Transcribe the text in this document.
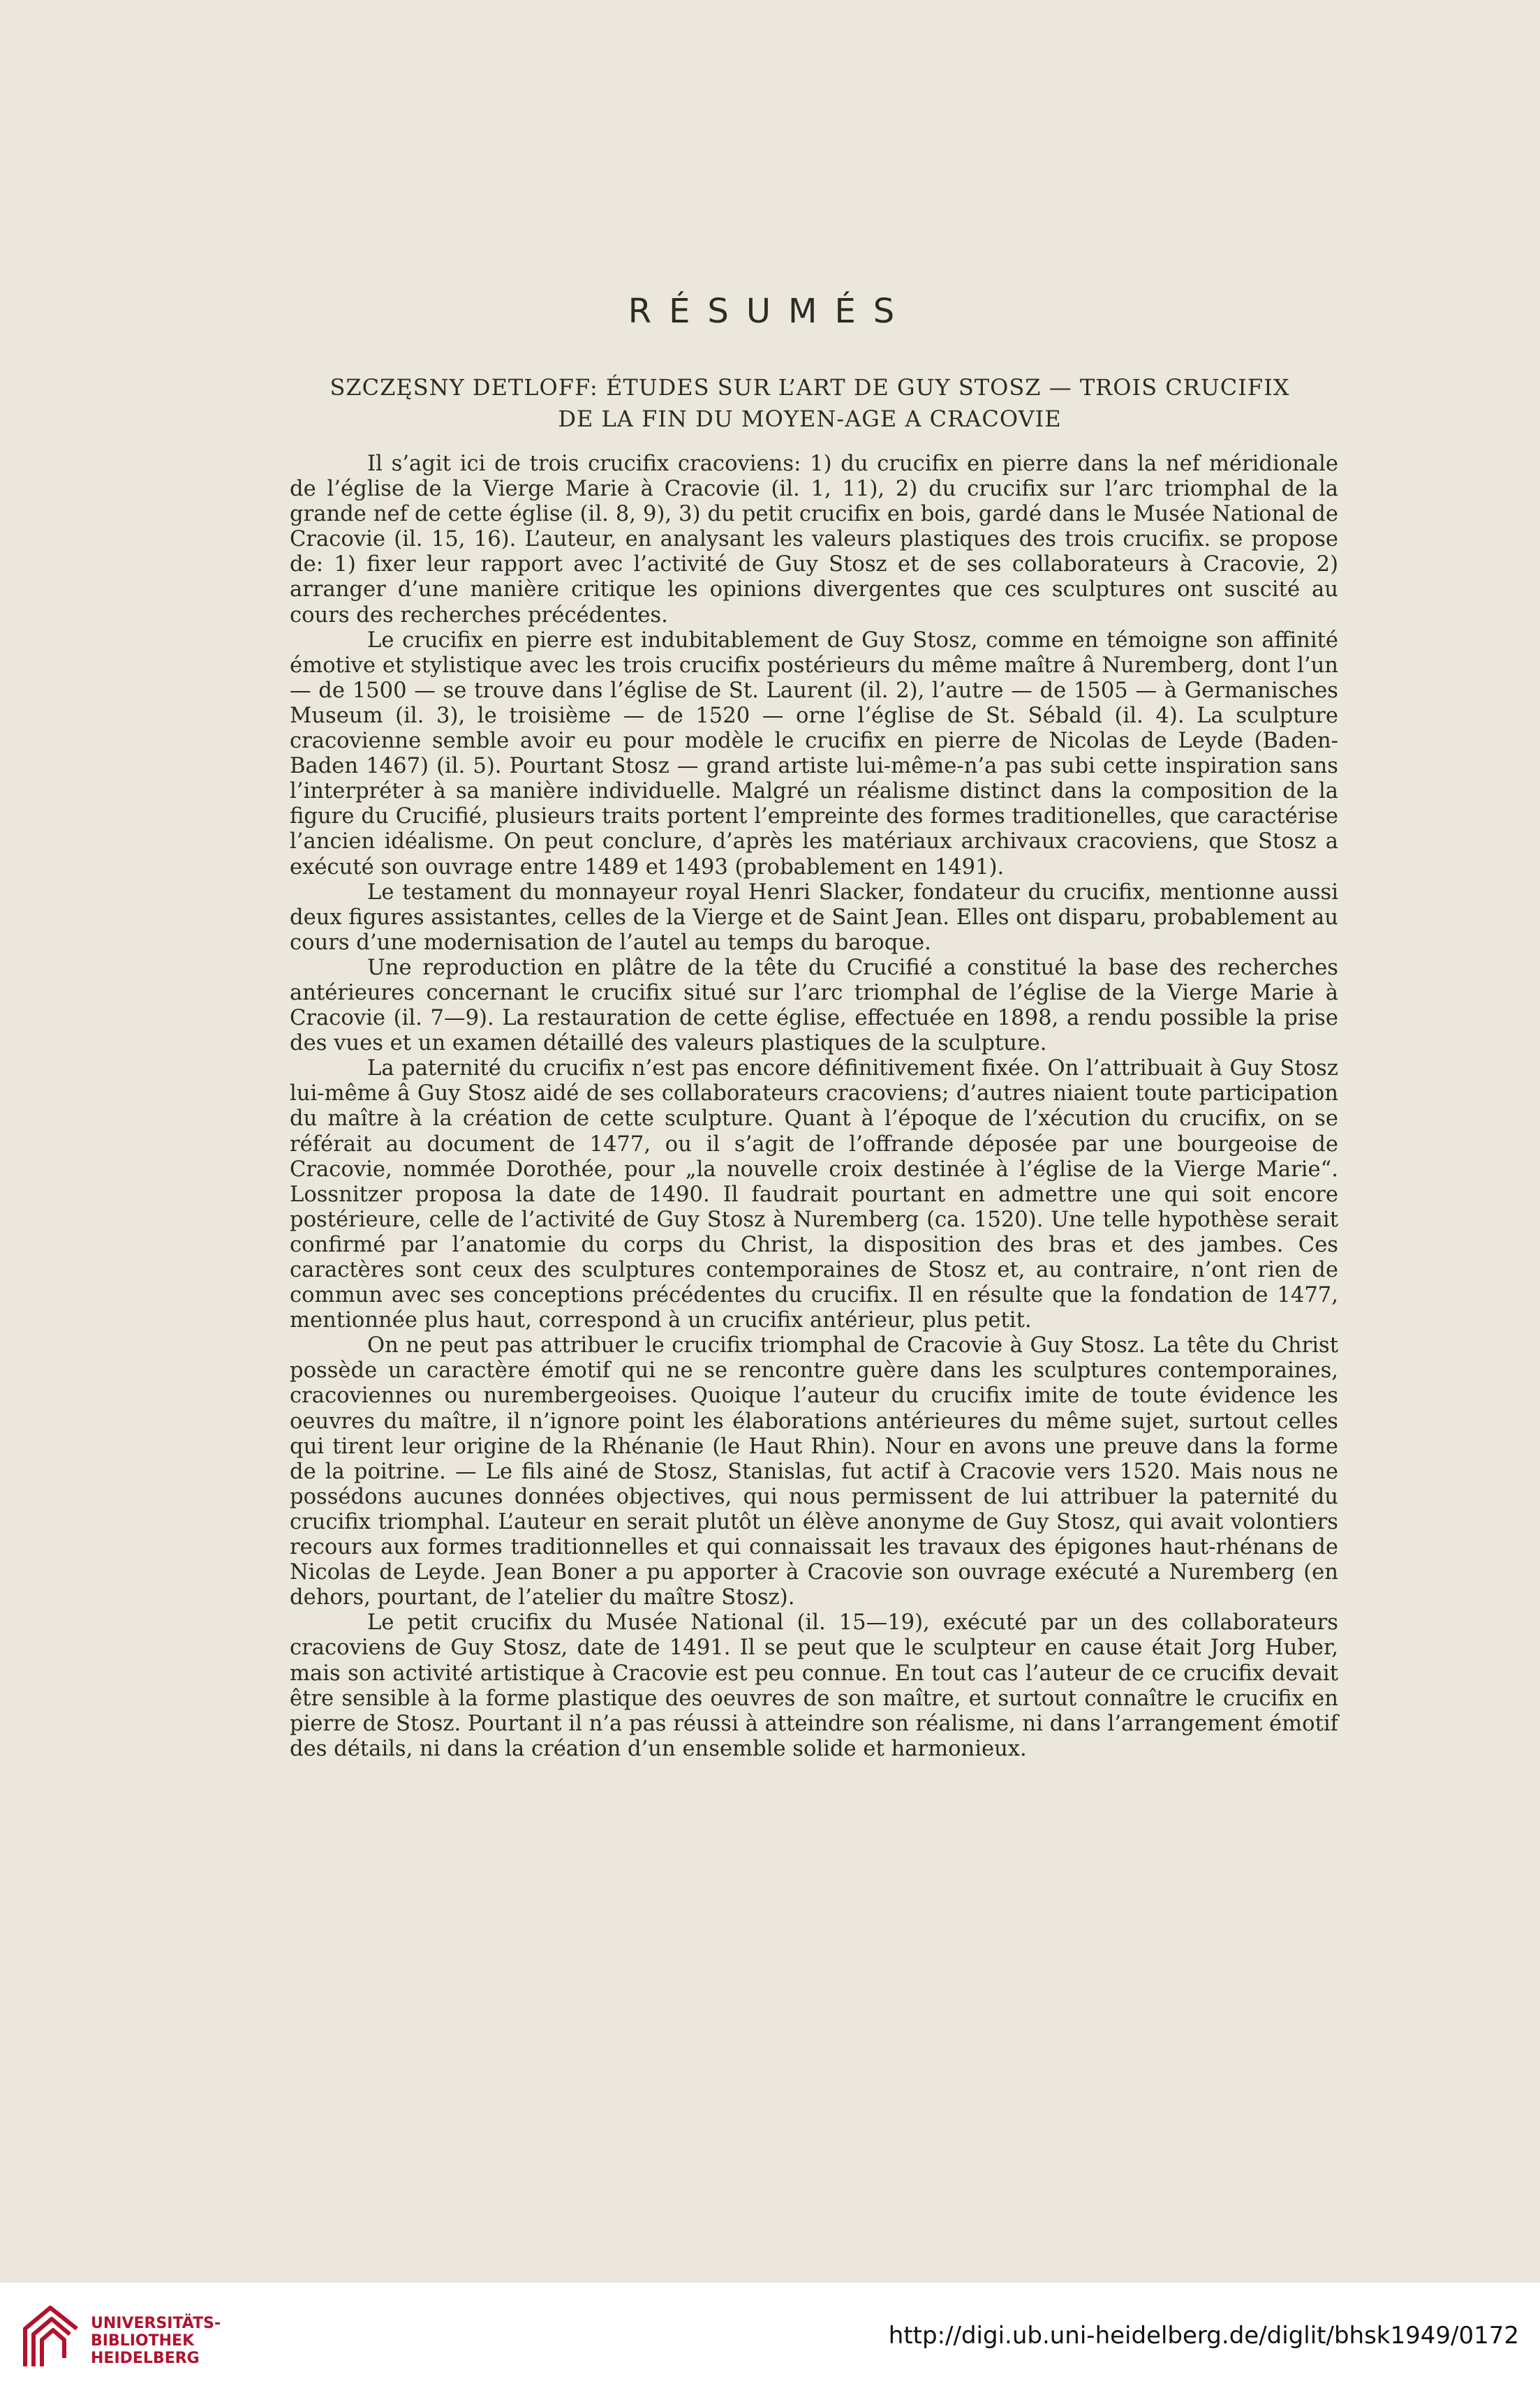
RÉSUMÉS
SZCZĘSNY DETLOFF: ÉTUDES SUR L’ART DE GUY STOSZ — TROIS CRUCIFIX
DE LA FIN DU MOYEN-AGE A CRACOVIE

Il s’agit ici de trois crucifix cracoviens: 1) du crucifix en pierre dans la nef méridionale de l’église de la Vierge Marie à Cracovie (il. 1, 11), 2) du crucifix sur l’arc triomphal de la grande nef de cette église (il. 8, 9), 3) du petit crucifix en bois, gardé dans le Musée National de Cracovie (il. 15, 16). L’auteur, en analysant les valeurs plastiques des trois crucifix. se propose de: 1) fixer leur rapport avec l’activité de Guy Stosz et de ses collaborateurs à Cracovie, 2) arranger d’une manière critique les opinions divergentes que ces sculptures ont suscité au cours des recherches précédentes.

Le crucifix en pierre est indubitablement de Guy Stosz, comme en témoigne son affinité émotive et stylistique avec les trois crucifix postérieurs du même maître â Nuremberg, dont l’un — de 1500 — se trouve dans l’église de St. Laurent (il. 2), l’autre — de 1505 — à Germanisches Museum (il. 3), le troisième — de 1520 — orne l’église de St. Sébald (il. 4). La sculpture cracovienne semble avoir eu pour modèle le crucifix en pierre de Nicolas de Leyde (Baden-Baden 1467) (il. 5). Pourtant Stosz — grand artiste lui-même-n’a pas subi cette inspiration sans l’interpréter à sa manière individuelle. Malgré un réalisme distinct dans la composition de la figure du Crucifié, plusieurs traits portent l’empreinte des formes traditionelles, que caractérise l’ancien idéalisme. On peut conclure, d’après les matériaux archivaux cracoviens, que Stosz a exécuté son ouvrage entre 1489 et 1493 (probablement en 1491).

Le testament du monnayeur royal Henri Slacker, fondateur du crucifix, mentionne aussi deux figures assistantes, celles de la Vierge et de Saint Jean. Elles ont disparu, probablement au cours d’une modernisation de l’autel au temps du baroque.

Une reproduction en plâtre de la tête du Crucifié a constitué la base des recherches antérieures concernant le crucifix situé sur l’arc triomphal de l’église de la Vierge Marie à Cracovie (il. 7—9). La restauration de cette église, effectuée en 1898, a rendu possible la prise des vues et un examen détaillé des valeurs plastiques de la sculpture.

La paternité du crucifix n’est pas encore définitivement fixée. On l’attribuait à Guy Stosz lui-même â Guy Stosz aidé de ses collaborateurs cracoviens; d’autres niaient toute participation du maître à la création de cette sculpture. Quant à l’époque de l’xécution du crucifix, on se référait au document de 1477, ou il s’agit de l’offrande déposée par une bourgeoise de Cracovie, nommée Dorothée, pour „la nouvelle croix destinée à l’église de la Vierge Marie“. Lossnitzer proposa la date de 1490. Il faudrait pourtant en admettre une qui soit encore postérieure, celle de l’activité de Guy Stosz à Nuremberg (ca. 1520). Une telle hypothèse serait confirmé par l’anatomie du corps du Christ, la disposition des bras et des jambes. Ces caractères sont ceux des sculptures contemporaines de Stosz et, au contraire, n’ont rien de commun avec ses conceptions précédentes du crucifix. Il en résulte que la fondation de 1477, mentionnée plus haut, correspond à un crucifix antérieur, plus petit.

On ne peut pas attribuer le crucifix triomphal de Cracovie à Guy Stosz. La tête du Christ possède un caractère émotif qui ne se rencontre guère dans les sculptures contemporaines, cracoviennes ou nurembergeoises. Quoique l’auteur du crucifix imite de toute évidence les oeuvres du maître, il n’ignore point les élaborations antérieures du même sujet, surtout celles qui tirent leur origine de la Rhénanie (le Haut Rhin). Nour en avons une preuve dans la forme de la poitrine. — Le fils ainé de Stosz, Stanislas, fut actif à Cracovie vers 1520. Mais nous ne possédons aucunes données objectives, qui nous permissent de lui attribuer la paternité du crucifix triomphal. L’auteur en serait plutôt un élève anonyme de Guy Stosz, qui avait volontiers recours aux formes traditionnelles et qui connaissait les travaux des épigones haut-rhénans de Nicolas de Leyde. Jean Boner a pu apporter à Cracovie son ouvrage exécuté a Nuremberg (en dehors, pourtant, de l’atelier du maître Stosz).

Le petit crucifix du Musée National (il. 15—19), exécuté par un des collaborateurs cracoviens de Guy Stosz, date de 1491. Il se peut que le sculpteur en cause était Jorg Huber, mais son activité artistique à Cracovie est peu connue. En tout cas l’auteur de ce crucifix devait être sensible à la forme plastique des oeuvres de son maître, et surtout connaître le crucifix en pierre de Stosz. Pourtant il n’a pas réussi à atteindre son réalisme, ni dans l’arrangement émotif des détails, ni dans la création d’un ensemble solide et harmonieux.

UNIVERSITÄTS-
BIBLIOTHEK
HEIDELBERG
http://digi.ub.uni-heidelberg.de/diglit/bhsk1949/0172
